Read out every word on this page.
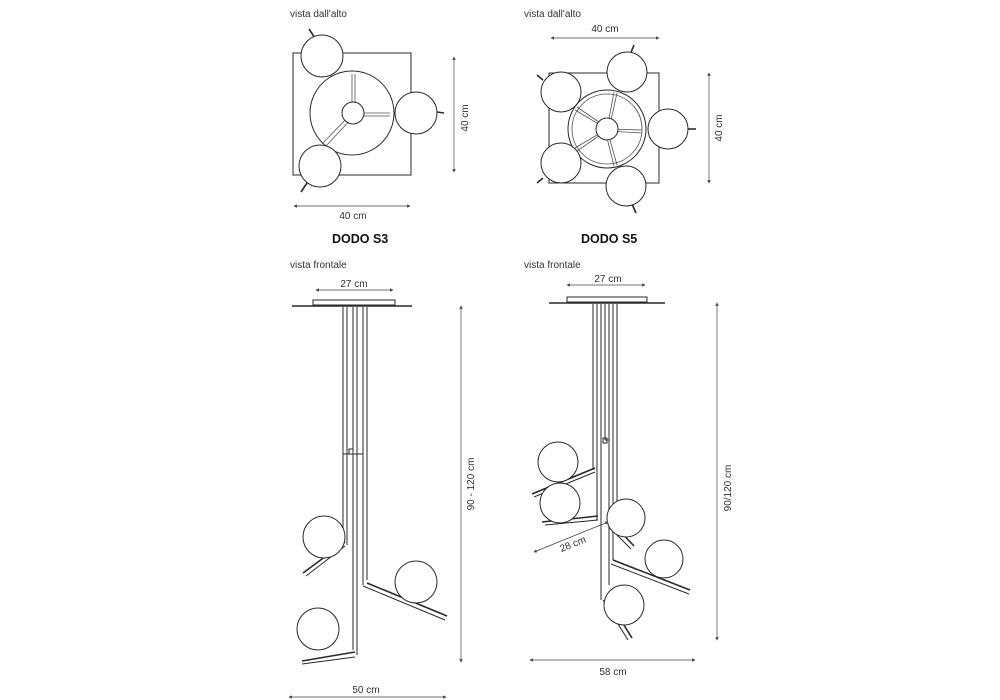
vista dall'alto
40 cm
40 cm
DODO S3
vista dall'alto
40 cm
40 cm
DODO S5
vista frontale
27 cm
90 - 120 cm
50 cm
vista frontale
27 cm
28 cm
90/120 cm
58 cm
